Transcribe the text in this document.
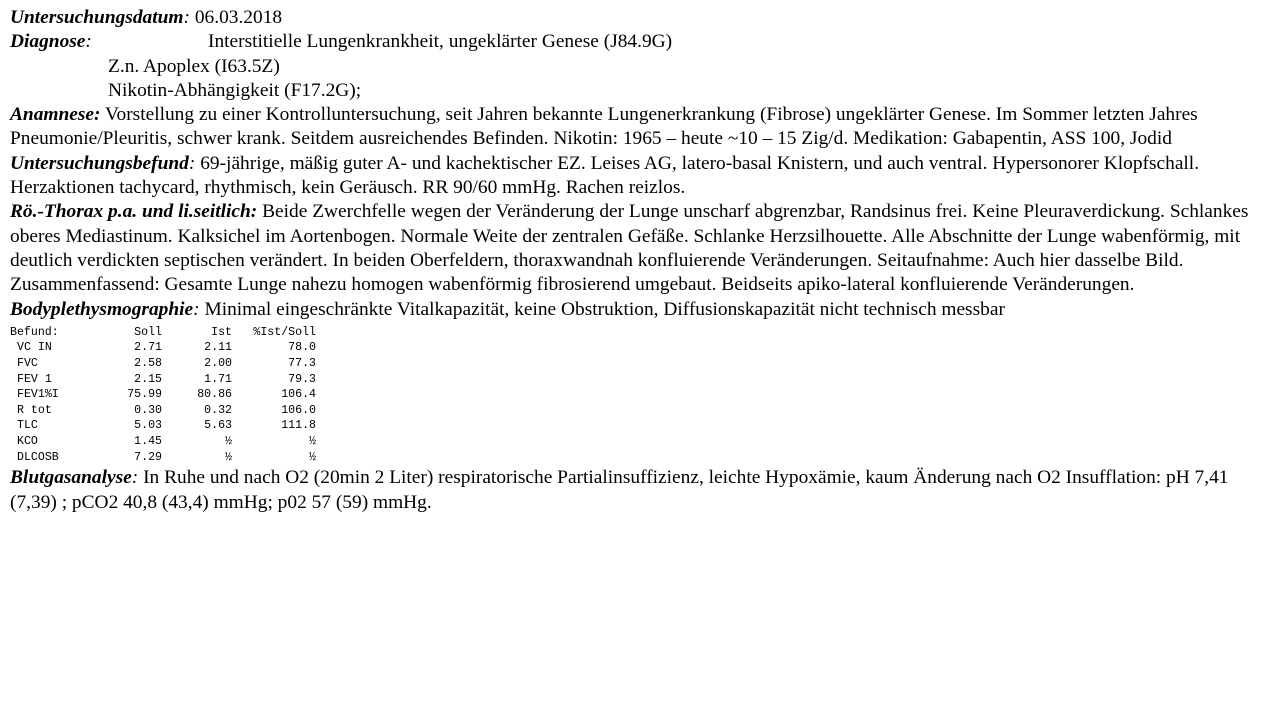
Untersuchungsdatum: 06.03.2018
Diagnose:	Interstitielle Lungenkrankheit, ungeklärter Genese (J84.9G)
Z.n. Apoplex (I63.5Z)
Nikotin-Abhängigkeit (F17.2G);
Anamnese: Vorstellung zu einer Kontrolluntersuchung, seit Jahren bekannte Lungenerkrankung (Fibrose) ungeklärter Genese. Im Sommer letzten Jahres Pneumonie/Pleuritis, schwer krank. Seitdem ausreichendes Befinden. Nikotin: 1965 – heute ~10 – 15 Zig/d. Medikation: Gabapentin, ASS 100, Jodid
Untersuchungsbefund: 69-jährige, mäßig guter A- und kachektischer EZ. Leises AG, latero-basal Knistern, und auch ventral. Hypersonorer Klopfschall. Herzaktionen tachycard, rhythmisch, kein Geräusch. RR 90/60 mmHg. Rachen reizlos.
Rö.-Thorax p.a. und li.seitlich: Beide Zwerchfelle wegen der Veränderung der Lunge unscharf abgrenzbar, Randsinus frei. Keine Pleuraverdickung. Schlankes oberes Mediastinum. Kalksichel im Aortenbogen. Normale Weite der zentralen Gefäße. Schlanke Herzsilhouette. Alle Abschnitte der Lunge wabenförmig, mit deutlich verdickten septischen verändert. In beiden Oberfeldern, thoraxwandnah konfluierende Veränderungen. Seitaufnahme: Auch hier dasselbe Bild.
Zusammenfassend: Gesamte Lunge nahezu homogen wabenförmig fibrosierend umgebaut. Beidseits apiko-lateral konfluierende Veränderungen.
Bodyplethysmographie: Minimal eingeschränkte Vitalkapazität, keine Obstruktion, Diffusionskapazität nicht technisch messbar
Befund:	Soll	Ist %Ist/Soll
VC IN	2.71	2.11	78.0
FVC	2.58	2.00	77.3
FEV 1	2.15	1.71	79.3
FEV1%I	75.99	80.86	106.4
R tot	0.30	0.32	106.0
TLC	5.03	5.63	111.8
KCO	1.45	½	½
DLCOSB	7.29	½	½
Blutgasanalyse: In Ruhe und nach O2 (20min 2 Liter) respiratorische Partialinsuffizienz, leichte Hypoxämie, kaum Änderung nach O2 Insufflation: pH 7,41 (7,39) ; pCO2 40,8 (43,4) mmHg; p02 57 (59) mmHg.
